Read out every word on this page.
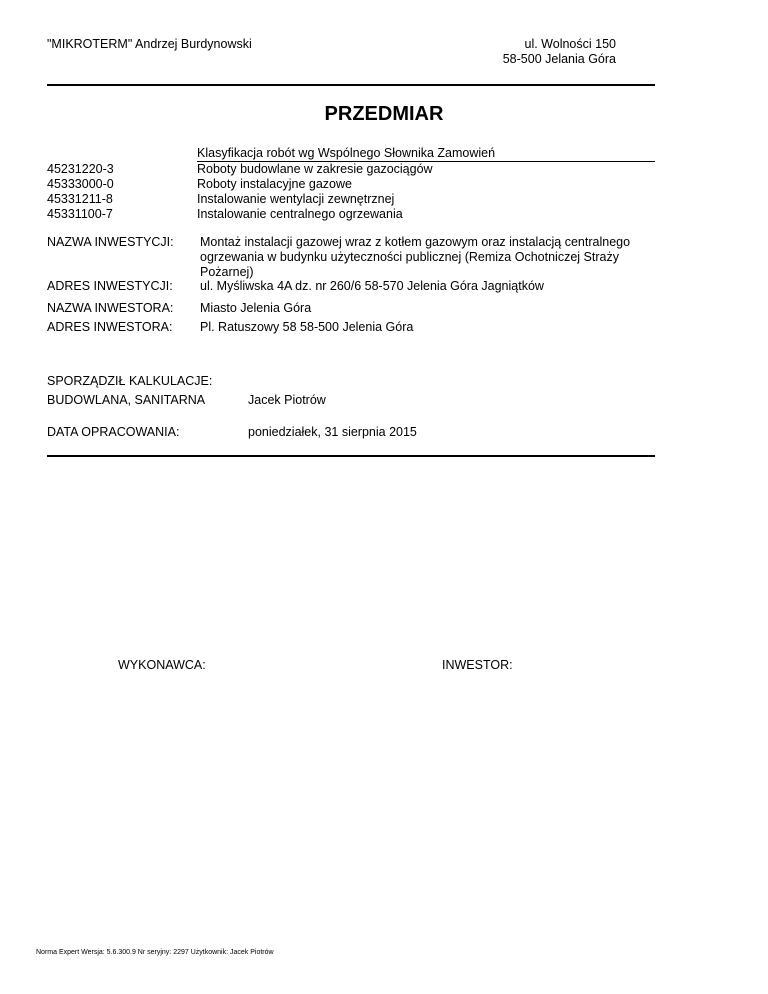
"MIKROTERM" Andrzej Burdynowski	ul. Wolności 150
58-500 Jelania Góra
PRZEDMIAR
Klasyfikacja robót wg Wspólnego Słownika Zamowień
45231220-3	Roboty budowlane w zakresie gazociągów
45333000-0	Roboty instalacyjne gazowe
45331211-8	Instalowanie wentylacji zewnętrznej
45331100-7	Instalowanie centralnego ogrzewania
NAZWA INWESTYCJI: Montaż instalacji gazowej wraz z kotłem gazowym oraz instalacją centralnego ogrzewania w budynku użyteczności publicznej (Remiza Ochotniczej Straży Pożarnej)
ADRES INWESTYCJI: ul. Myśliwska 4A dz. nr 260/6 58-570 Jelenia Góra Jagniątków
NAZWA INWESTORA: Miasto Jelenia Góra
ADRES INWESTORA: Pl. Ratuszowy 58 58-500 Jelenia Góra
SPORZĄDZIŁ KALKULACJE:
BUDOWLANA, SANITARNA	Jacek Piotrów
DATA OPRACOWANIA:	poniedziałek, 31 sierpnia 2015
WYKONAWCA:	INWESTOR:
Norma Expert Wersja: 5.6.300.9 Nr seryjny: 2297 Użytkownik: Jacek Piotrów
